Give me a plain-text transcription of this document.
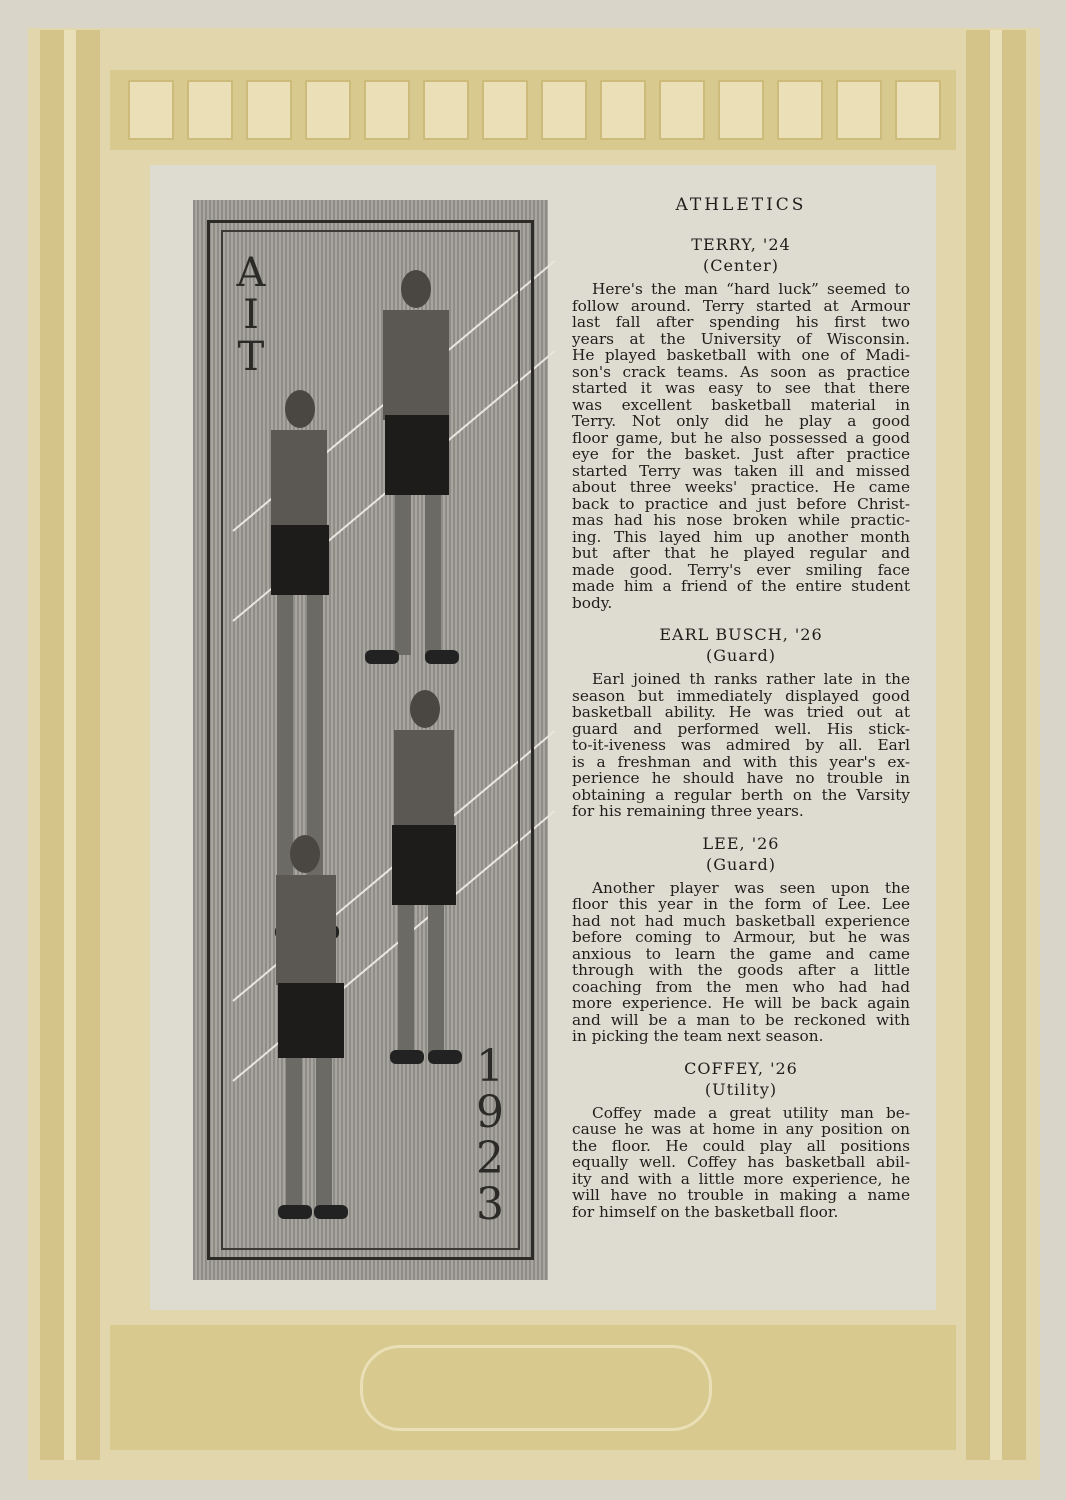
A
I
T
1
9
2
3
ATHLETICS
TERRY, '24
(Center)
Here's the man “hard luck” seemed to
follow around. Terry started at Armour
last fall after spending his first two
years at the University of Wisconsin.
He played basketball with one of Madi-
son's crack teams. As soon as practice
started it was easy to see that there
was excellent basketball material in
Terry. Not only did he play a good
floor game, but he also possessed a good
eye for the basket. Just after practice
started Terry was taken ill and missed
about three weeks' practice. He came
back to practice and just before Christ-
mas had his nose broken while practic-
ing. This layed him up another month
but after that he played regular and
made good. Terry's ever smiling face
made him a friend of the entire student
body.
EARL BUSCH, '26
(Guard)
Earl joined th ranks rather late in the
season but immediately displayed good
basketball ability. He was tried out at
guard and performed well. His stick-
to-it-iveness was admired by all. Earl
is a freshman and with this year's ex-
perience he should have no trouble in
obtaining a regular berth on the Varsity
for his remaining three years.
LEE, '26
(Guard)
Another player was seen upon the
floor this year in the form of Lee. Lee
had not had much basketball experience
before coming to Armour, but he was
anxious to learn the game and came
through with the goods after a little
coaching from the men who had had
more experience. He will be back again
and will be a man to be reckoned with
in picking the team next season.
COFFEY, '26
(Utility)
Coffey made a great utility man be-
cause he was at home in any position on
the floor. He could play all positions
equally well. Coffey has basketball abil-
ity and with a little more experience, he
will have no trouble in making a name
for himself on the basketball floor.
